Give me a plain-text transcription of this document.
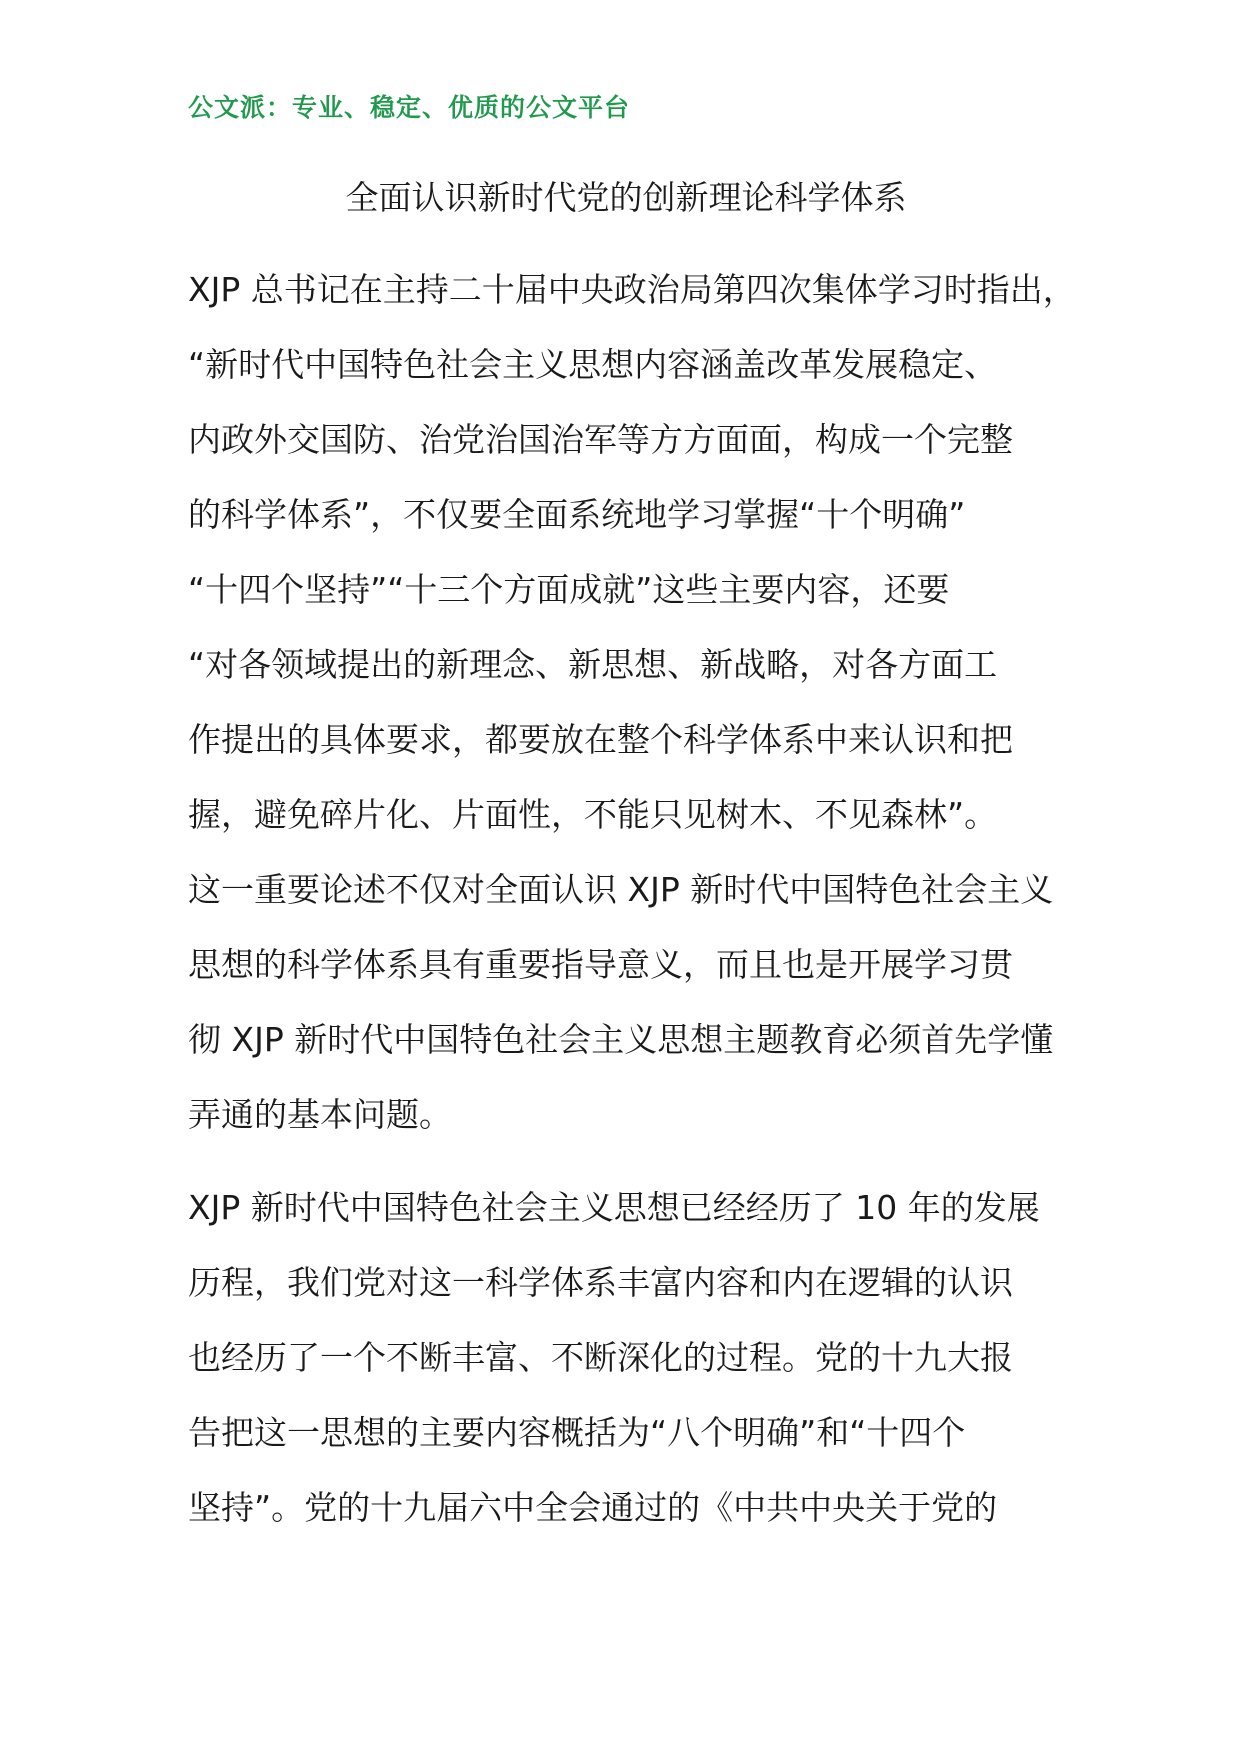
公文派：专业、稳定、优质的公文平台
全面认识新时代党的创新理论科学体系
XJP 总书记在主持二十届中央政治局第四次集体学习时指出，
“新时代中国特色社会主义思想内容涵盖改革发展稳定、
内政外交国防、治党治国治军等方方面面，构成一个完整
的科学体系”，不仅要全面系统地学习掌握“十个明确”
“十四个坚持”“十三个方面成就”这些主要内容，还要
“对各领域提出的新理念、新思想、新战略，对各方面工
作提出的具体要求，都要放在整个科学体系中来认识和把
握，避免碎片化、片面性，不能只见树木、不见森林”。
这一重要论述不仅对全面认识 XJP 新时代中国特色社会主义
思想的科学体系具有重要指导意义，而且也是开展学习贯
彻 XJP 新时代中国特色社会主义思想主题教育必须首先学懂
弄通的基本问题。
XJP 新时代中国特色社会主义思想已经经历了 10 年的发展
历程，我们党对这一科学体系丰富内容和内在逻辑的认识
也经历了一个不断丰富、不断深化的过程。党的十九大报
告把这一思想的主要内容概括为“八个明确”和“十四个
坚持”。党的十九届六中全会通过的《中共中央关于党的
